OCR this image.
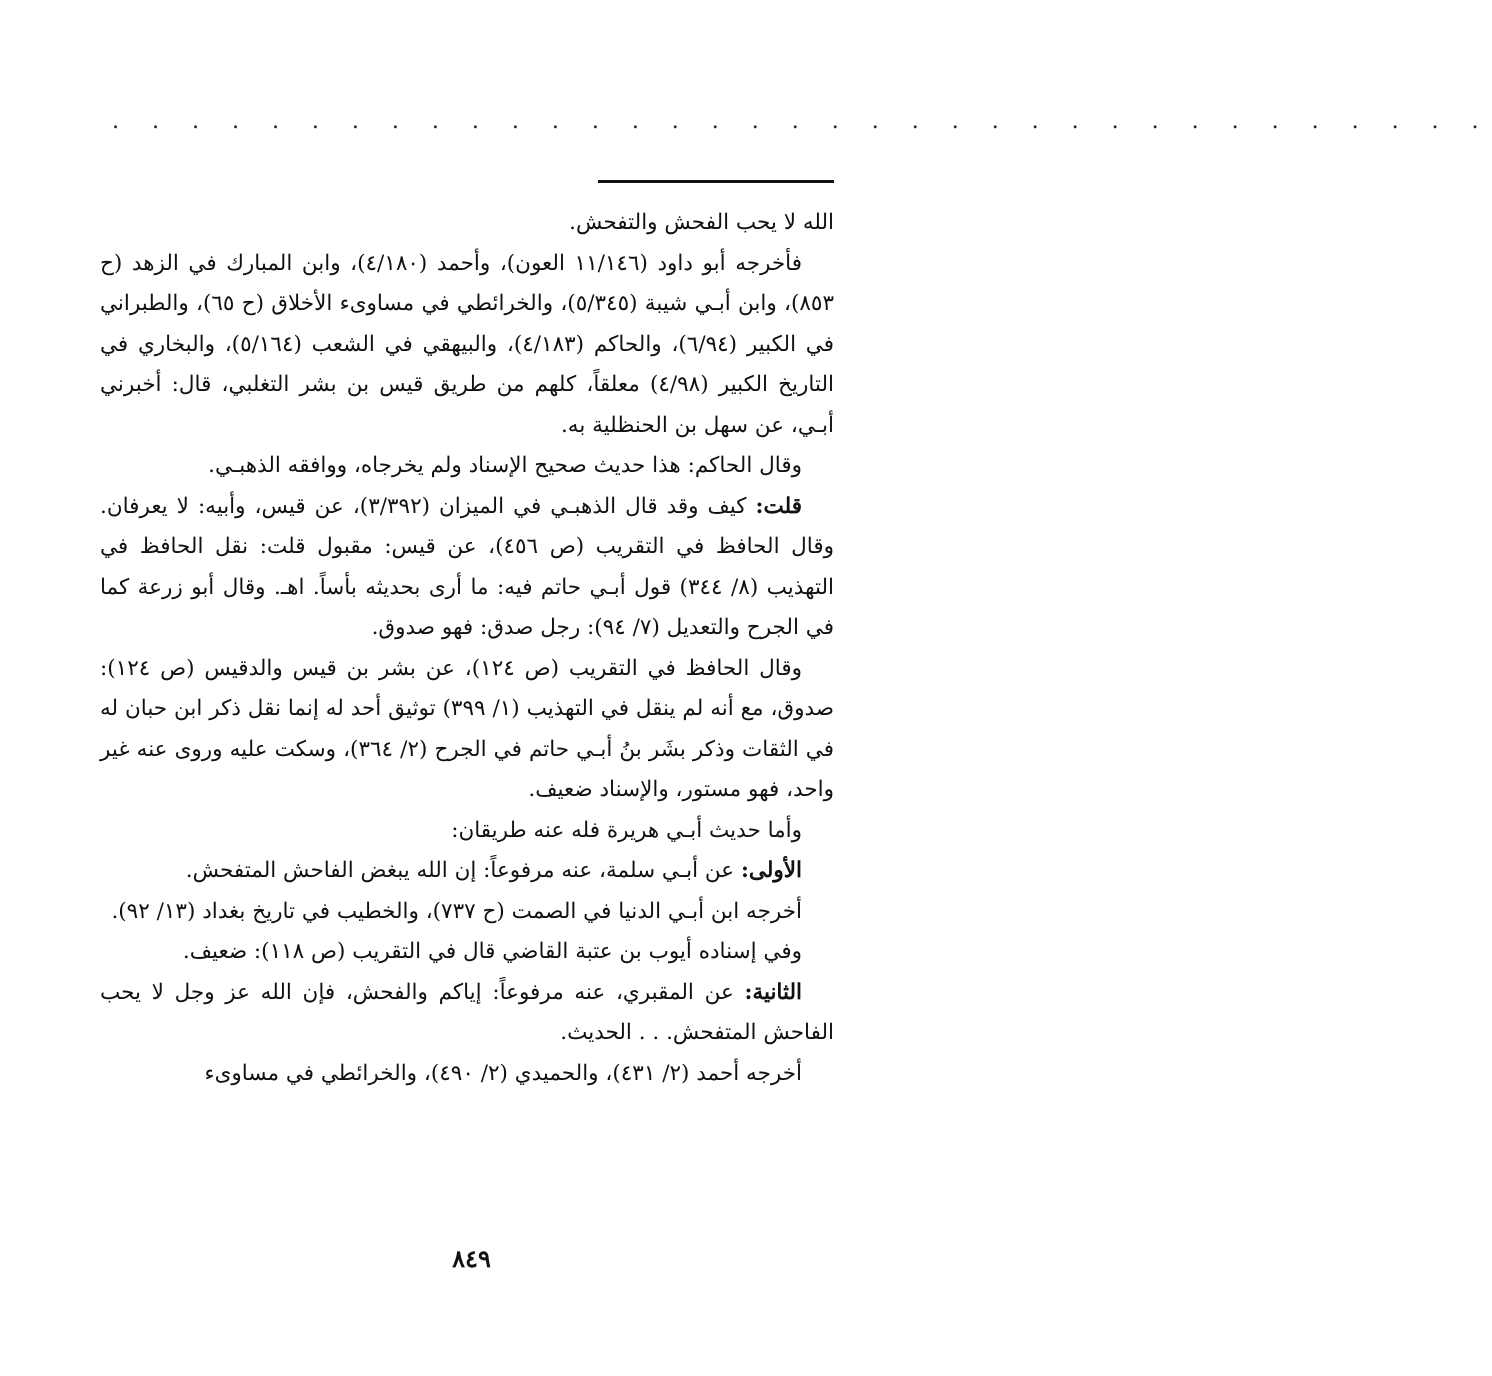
. . . . . . . . . . . . . . . . . . . . . . . . . . . . . . . . . . .

الله لا يحب الفحش والتفحش.

فأخرجه أبو داود (١١/١٤٦ العون)، وأحمد (٤/١٨٠)، وابن المبارك في الزهد (ح ٨٥٣)، وابن أبـي شيبة (٥/٣٤٥)، والخرائطي في مساوىء الأخلاق (ح ٦٥)، والطبراني في الكبير (٦/٩٤)، والحاكم (٤/١٨٣)، والبيهقي في الشعب (٥/١٦٤)، والبخاري في التاريخ الكبير (٤/٩٨) معلقاً، كلهم من طريق قيس بن بشر التغلبي، قال: أخبرني أبـي، عن سهل بن الحنظلية به.

وقال الحاكم: هذا حديث صحيح الإسناد ولم يخرجاه، ووافقه الذهبـي.

قلت: كيف وقد قال الذهبـي في الميزان (٣/٣٩٢)، عن قيس، وأبيه: لا يعرفان. وقال الحافظ في التقريب (ص ٤٥٦)، عن قيس: مقبول قلت: نقل الحافظ في التهذيب (٨/ ٣٤٤) قول أبـي حاتم فيه: ما أرى بحديثه بأساً. اهـ. وقال أبو زرعة كما في الجرح والتعديل (٧/ ٩٤): رجل صدق: فهو صدوق.

وقال الحافظ في التقريب (ص ١٢٤)، عن بشر بن قيس والدقيس (ص ١٢٤): صدوق، مع أنه لم ينقل في التهذيب (١/ ٣٩٩) توثيق أحد له إنما نقل ذكر ابن حبان له في الثقات وذكر بشَر بنُ أبـي حاتم في الجرح (٢/ ٣٦٤)، وسكت عليه وروى عنه غير واحد، فهو مستور، والإسناد ضعيف.

وأما حديث أبـي هريرة فله عنه طريقان:

الأولى: عن أبـي سلمة، عنه مرفوعاً: إن الله يبغض الفاحش المتفحش.

أخرجه ابن أبـي الدنيا في الصمت (ح ٧٣٧)، والخطيب في تاريخ بغداد (١٣/ ٩٢).

وفي إسناده أيوب بن عتبة القاضي قال في التقريب (ص ١١٨): ضعيف.

الثانية: عن المقبري، عنه مرفوعاً: إياكم والفحش، فإن الله عز وجل لا يحب الفاحش المتفحش. . . الحديث.

أخرجه أحمد (٢/ ٤٣١)، والحميدي (٢/ ٤٩٠)، والخرائطي في مساوىء

٨٤٩
